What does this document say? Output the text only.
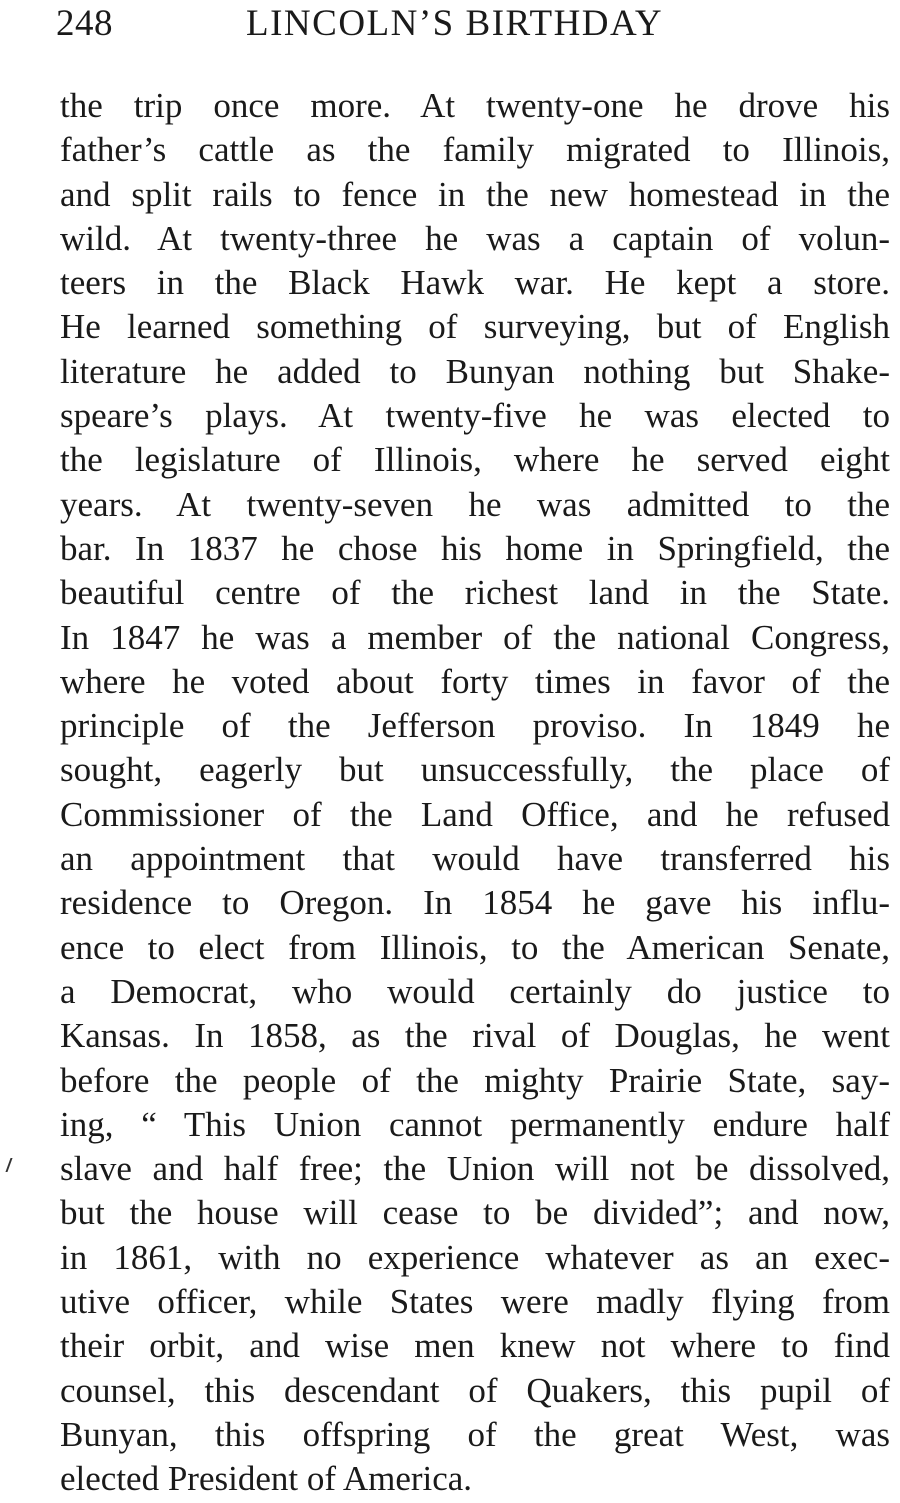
248	LINCOLN’S BIRTHDAY
the trip once more. At twenty-one he drove his
father’s cattle as the family migrated to Illinois,
and split rails to fence in the new homestead in the
wild. At twenty-three he was a captain of volun-
teers in the Black Hawk war. He kept a store.
He learned something of surveying, but of English
literature he added to Bunyan nothing but Shake-
speare’s plays. At twenty-five he was elected to
the legislature of Illinois, where he served eight
years. At twenty-seven he was admitted to the
bar. In 1837 he chose his home in Springfield, the
beautiful centre of the richest land in the State.
In 1847 he was a member of the national Congress,
where he voted about forty times in favor of the
principle of the Jefferson proviso. In 1849 he
sought, eagerly but unsuccessfully, the place of
Commissioner of the Land Office, and he refused
an appointment that would have transferred his
residence to Oregon. In 1854 he gave his influ-
ence to elect from Illinois, to the American Senate,
a Democrat, who would certainly do justice to
Kansas. In 1858, as the rival of Douglas, he went
before the people of the mighty Prairie State, say-
ing, “ This Union cannot permanently endure half
slave and half free; the Union will not be dissolved,
but the house will cease to be divided”; and now,
in 1861, with no experience whatever as an exec-
utive officer, while States were madly flying from
their orbit, and wise men knew not where to find
counsel, this descendant of Quakers, this pupil of
Bunyan, this offspring of the great West, was
elected President of America.
